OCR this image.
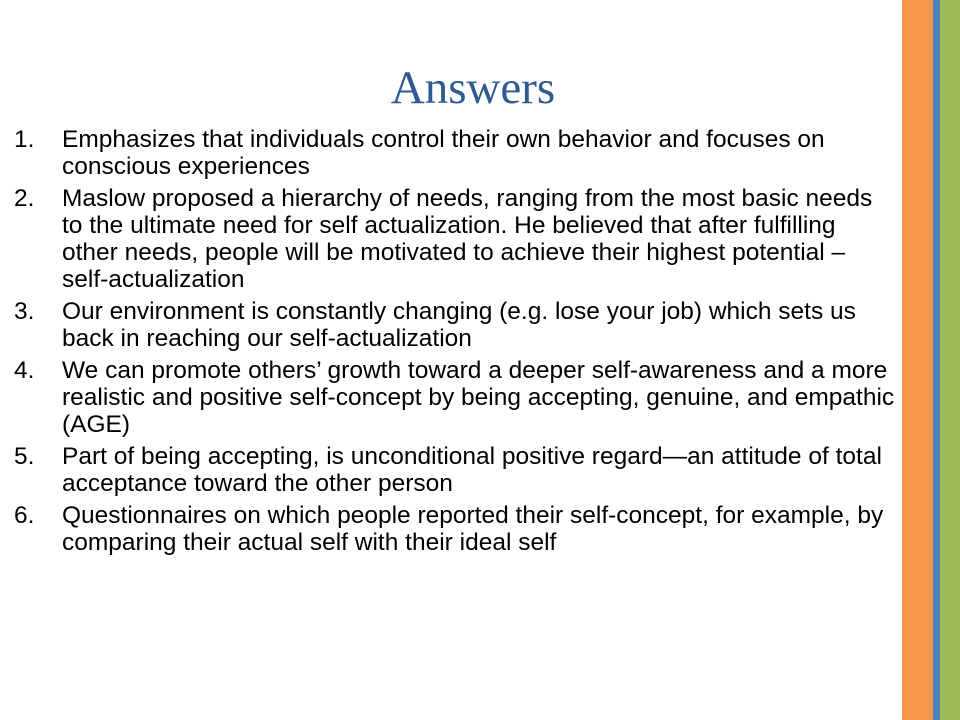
Answers
1.	Emphasizes that individuals control their own behavior and focuses on conscious experiences
2.	Maslow proposed a hierarchy of needs, ranging from the most basic needs to the ultimate need for self actualization. He believed that after fulfilling other needs, people will be motivated to achieve their highest potential – self-actualization
3.	Our environment is constantly changing (e.g. lose your job) which sets us back in reaching our self-actualization
4.	We can promote others’ growth toward a deeper self-awareness and a more realistic and positive self-concept by being accepting, genuine, and empathic (AGE)
5.	Part of being accepting, is unconditional positive regard—an attitude of total acceptance toward the other person
6.	Questionnaires on which people reported their self-concept, for example, by comparing their actual self with their ideal self
